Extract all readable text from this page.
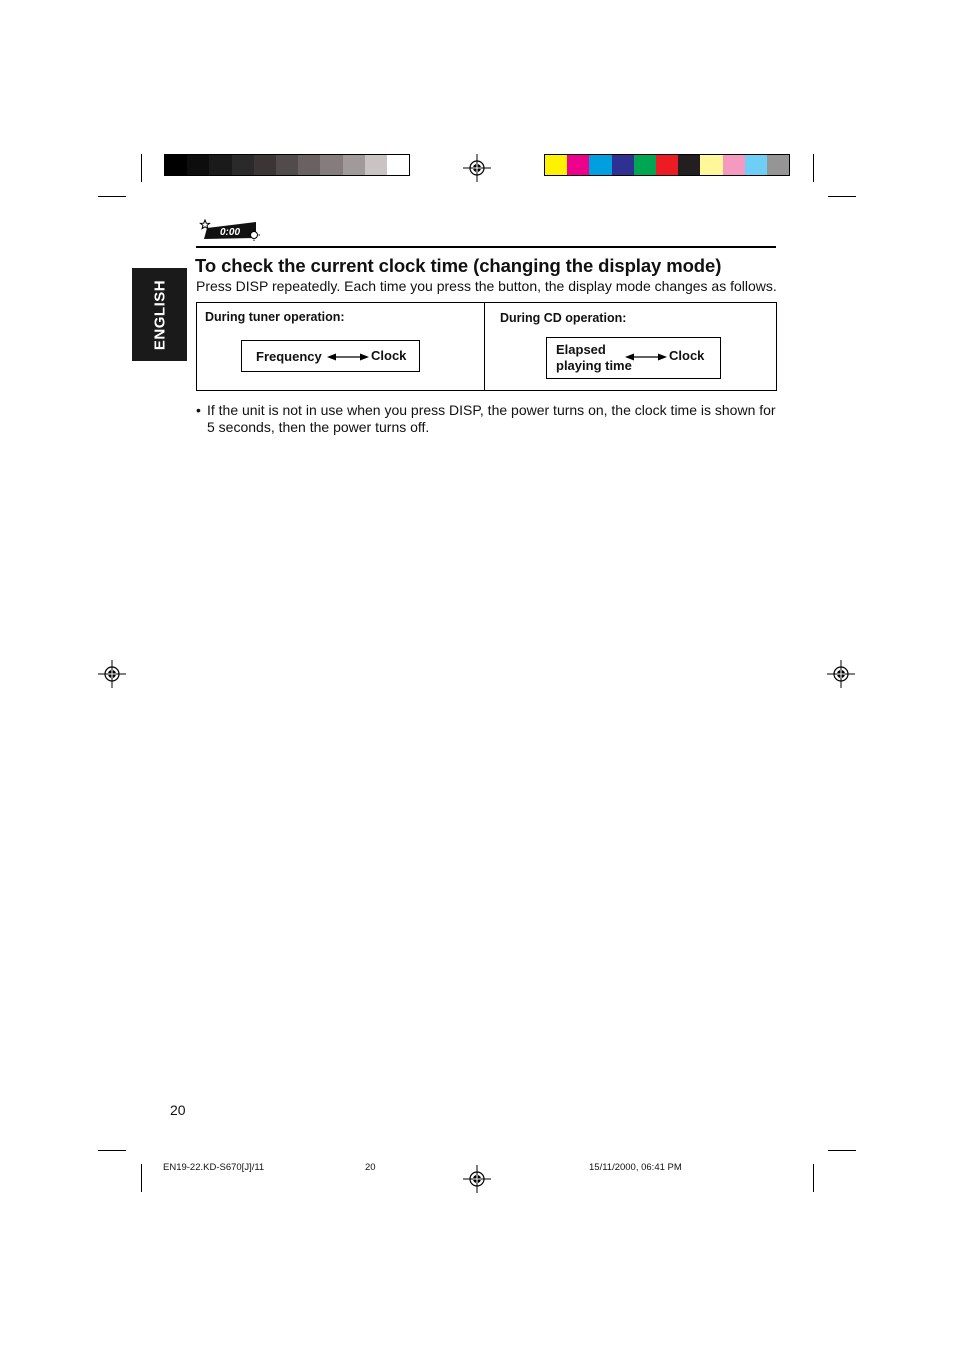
ENGLISH
0:00
To check the current clock time (changing the display mode)
Press DISP repeatedly. Each time you press the button, the display mode changes as follows.
During tuner operation:
Frequency	Clock
During CD operation:
Elapsed
playing time
Clock
• If the unit is not in use when you press DISP, the power turns on, the clock time is shown for 5 seconds, then the power turns off.
20
EN19-22.KD-S670[J]/11	20	15/11/2000, 06:41 PM
